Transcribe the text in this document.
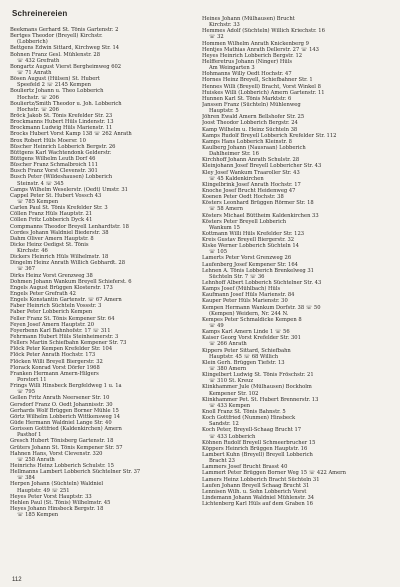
Schreinereien
Beekmans Gerhard St. Tönis Gartenstr. 2
Bertges Theodor (Breyell) Kirchstr.
(Lobberich)
Bettgens Edwin Sittard, Kirchweg Str. 14
Bohnen Franz Gesl. Mühlenstr. 28
☏ 432 Grefrath
Bongartz August Vierst Bergheimweg 602
☏ 71 Anrath
Bösen August (Hülsen) St. Hubert
Speefeld 2 ☏ 2145 Kempen
Bouliertz Johann u. Theo Lobberich
Hochstr. ☏ 206
Bouliertz/Smith Theodor u. Joh. Lobberich
Hochstr. ☏ 206
Bröck Jakob St. Tönis Krefelder Str. 23
Brockmanns Hubert Hüls Lindenstr. 13
Brockmann Ludwig Hüls Marienstr. 11
Brocks Hubert Vorst Kamp 138 ☏ 262 Anrath
Brox Robert Hüls Moersr. 10
Büscher Heinrich Lobberich Bergstr. 26
Büttgens Karl Wachtendonk Gelderstr.
Büttgens Wilhelm Leuth Dorf 46
Büscher Franz Schmalbroich 111
Busch Franz Vorst Clevenstr. 301
Busch Peter (Wildeshausen) Lobberich
Steinstr. 4 ☏ 345
Camps Wilhelm Weselerstr. (Oedt) Umstr. 31
Cappel Peter St. Hubert Vossch 43
☏ 785 Kempen
Carlen Paul St. Tönis Krefelder Str. 3
Cöllen Franz Hüls Hauptstr. 21
Cöllen Fritz Lobberich Dyck 41
Compmanns Theodor Breyell Lenhardtstr. 18
Cordes Johann Waldniel Biederstr. 38
Dahm Oliver Amern Hauptstr. 8
Dicke Heinz Oedigst St. Tönis
Kirchstr. 46
Dickers Heinrich Hüls Wilhelmstr. 18
Dingelm Heinz Anrath Willich Gebhardt. 28
☏ 367
Dirks Heinz Vorst Grenzweg 38
Dohmen Johann Wankum Breyell Schieferst. 6
Engels August Brüggen Klosterstr. 173
Engels Peter Grefrath 42
Engels Konstantin Gartenstr. ☏ 67 Amern
Faber Heinrich Süchteln Vossstr. 3
Faber Peter Lobberich Kempen
Feller Franz St. Tönis Kempener Str. 64
Feyen Josef Amern Hauptstr. 20
Foyerbenn Karl Bahnhofstr. 17 ☏ 311
Fehrmann Hubert Hüls Steinheimerstr. 3
Fellers Martin Schiefbahn Kempener Str. 73
Flöck Peter Kempen Krefelder Str. 104
Flöck Peter Anrath Hochstr. 173
Flöcken Willi Breyell Biergerstr. 32
Florack Konrad Vorst Dörfer 1968
Franken Hermann Amern-Hilgers
Porstort 11
Frings Willi Hinsbeck Bergfeldweg 1 u. 1a
☏ 795
Gellen Fritz Anrath Neersener Str. 10
Gersdorf Franz O. Oedt Johannisstr. 30
Gerhards Wolf Brüggen Borner Mühle 15
Görtz Wilhelm Lobberich Wittkensweg 14
Güde Hermann Waldniel Lange Str. 40
Gorissen Gottfried (Kaldenkirchen) Amern
Pasthof 1
Gresch Hubert Tönisberg Gartenstr. 18
Grüters Johann St. Tönis Kempener Str. 57
Hahnen Hans, Vorst Clevenstr. 320
☏ 258 Anrath
Heinrichs Heinz Lobberich Schulstr. 15
Hellmanns Lambert Lobberich Süchtelner Str. 37
☏ 384
Herpen Johann (Süchteln) Waldniel
Hauptstr. 49 ☏ 251
Heyes Peter Vorst Hauptstr. 33
Hehlen Paul (St. Tönis) Wilhelmstr. 45
Heyes Johann Hinsbeck Bergstr. 18
☏ 185 Kempen
Heines Johann (Mülhausen) Brucht
Kirchstr. 33
Hemmes Adolf (Süchteln) Willich Kriechstr. 16
☏ 32
Hommen Wilhelm Anrath Knickenberg 9
Hentjes Mathias Anrath Dellerstr. 27 ☏ 143
Heyes Heinrich Lobberich Bergstr. 12
Helfferetrus Johann (Ninger) Hüls
Am Weingarten 3
Hohmanns Willy Oedt Hochstr. 47
Hornes Heinz Breyell, Schiefbahner Str. 1
Hennes Willi (Breyell) Bracht, Vorst Winkel 8
Huiskes Willi (Lobberich) Amern Gartenstr. 11
Hunnen Karl St. Tönis Marktstr. 6
Janssen Franz (Süchteln) Mühlenweg
Hauptstr. 5
Jöhren Ewald Amern Bellshofer Str. 25
Joost Theodor Lobberich Bergstr. 24
Kamp Wilhelm u. Heinz Süchteln 38
Kamps Rudolf Breyell Lobberich Krefelder Str. 112
Kamps Hans Lobberich Kleinstr. 8
Kaulberg Johann (Nausraan) Lobberich
Dahlheimer Str. 16
Kirchhoff Johann Anrath Schulstr. 28
Kleinjohann Josef Breyell Lobbericher Str. 43
Kley Josef Wankum Traaroller Str. 43
☏ 45 Kaldenkirchen
Klingelbrink Josef Anrath Hochstr. 17
Knoche Josef Brucht Heidenweg 47
Koenen Peter Oedt Hochstr. 38
Kösters Leonhard Brüggen Rörmer Str. 18
☏ 58 Amern
Kösters Michael Büttheim Kaldenkirchen 33
Kösters Peter Breyell Lobberich
Wankum 15
Kottmann Willi Hüls Krefelder Str. 123
Kreis Gustav Breyell Biergerstr. 32
Kiske Werner Lobberich Süchteln 14
☏ 105
Lamerts Peter Vorst Grenzweg 26
Laufenberg Josef Kempener Str. 164
Lehnen A. Tönis Lobberich Brenkelweg 31
Süchteln Str. 7 ☏ 36
Lehnhoff Albert Lobberich Süchtelner Str. 43
Kamps Josef (Mühlbach) Hüls
Kaufmann Josef Hüls Marienstr. 84
Kauper Peter Hüls Marienstr. 30
Kempen Hermann Wankum Dorfstr. 38 ☏ 50
(Kempen) Weidern, Nr. 244 N.
Kempes Peter Schmaldicke Kempen 8
☏ 49
Kamps Karl Amern Linde 1 ☏ 56
Kaiser Georg Vorst Krefelder Str. 301
☏ 266 Anrath
Kippers Peter Sittard, Schiefbahn
Hauptstr. 45 ☏ 68 Willich
Klein Gerh. Brüggen Tiefstr. 13
☏ 380 Amern
Klingelbert Ludwig St. Tönis Fröschstr. 21
☏ 310 St. Kreuz
Klinkhammer Jule (Mülhausen) Bockholm
Kempener Str. 102
Klinkhammer Pet. St. Hubert Brennerstr. 13
☏ 433 Kempen
Knoll Franz St. Tönis Bahnstr. 5
Koch Gottfried (Nunmen) Hinsbeck
Sandstr. 12
Koch Peter, Breyell-Schaag Brucht 17
☏ 433 Lobberich
Köhnen Rudolf Breyell Schmeerbrucher 15
Köppers Heinrich Brüggen Hauptstr. 16
Lambert Kuhn (Breyell) Breyell Lobberich
Bracht 23
Lammers Josef Brucht Brasst 40
Lammert Peter Brüggen Borner Weg 15 ☏ 422 Amern
Lamers Heinz Lobberich Bracht Süchteln 31
Laufen Johann Breyell Schaag Brucht 31
Lennisen Wilh. u. Sohn Lobberich Vorst
Lindemann Johann Waldniel Mühlenstr. 34
Lichtenberg Karl Hüls auf dem Graben 16
112
